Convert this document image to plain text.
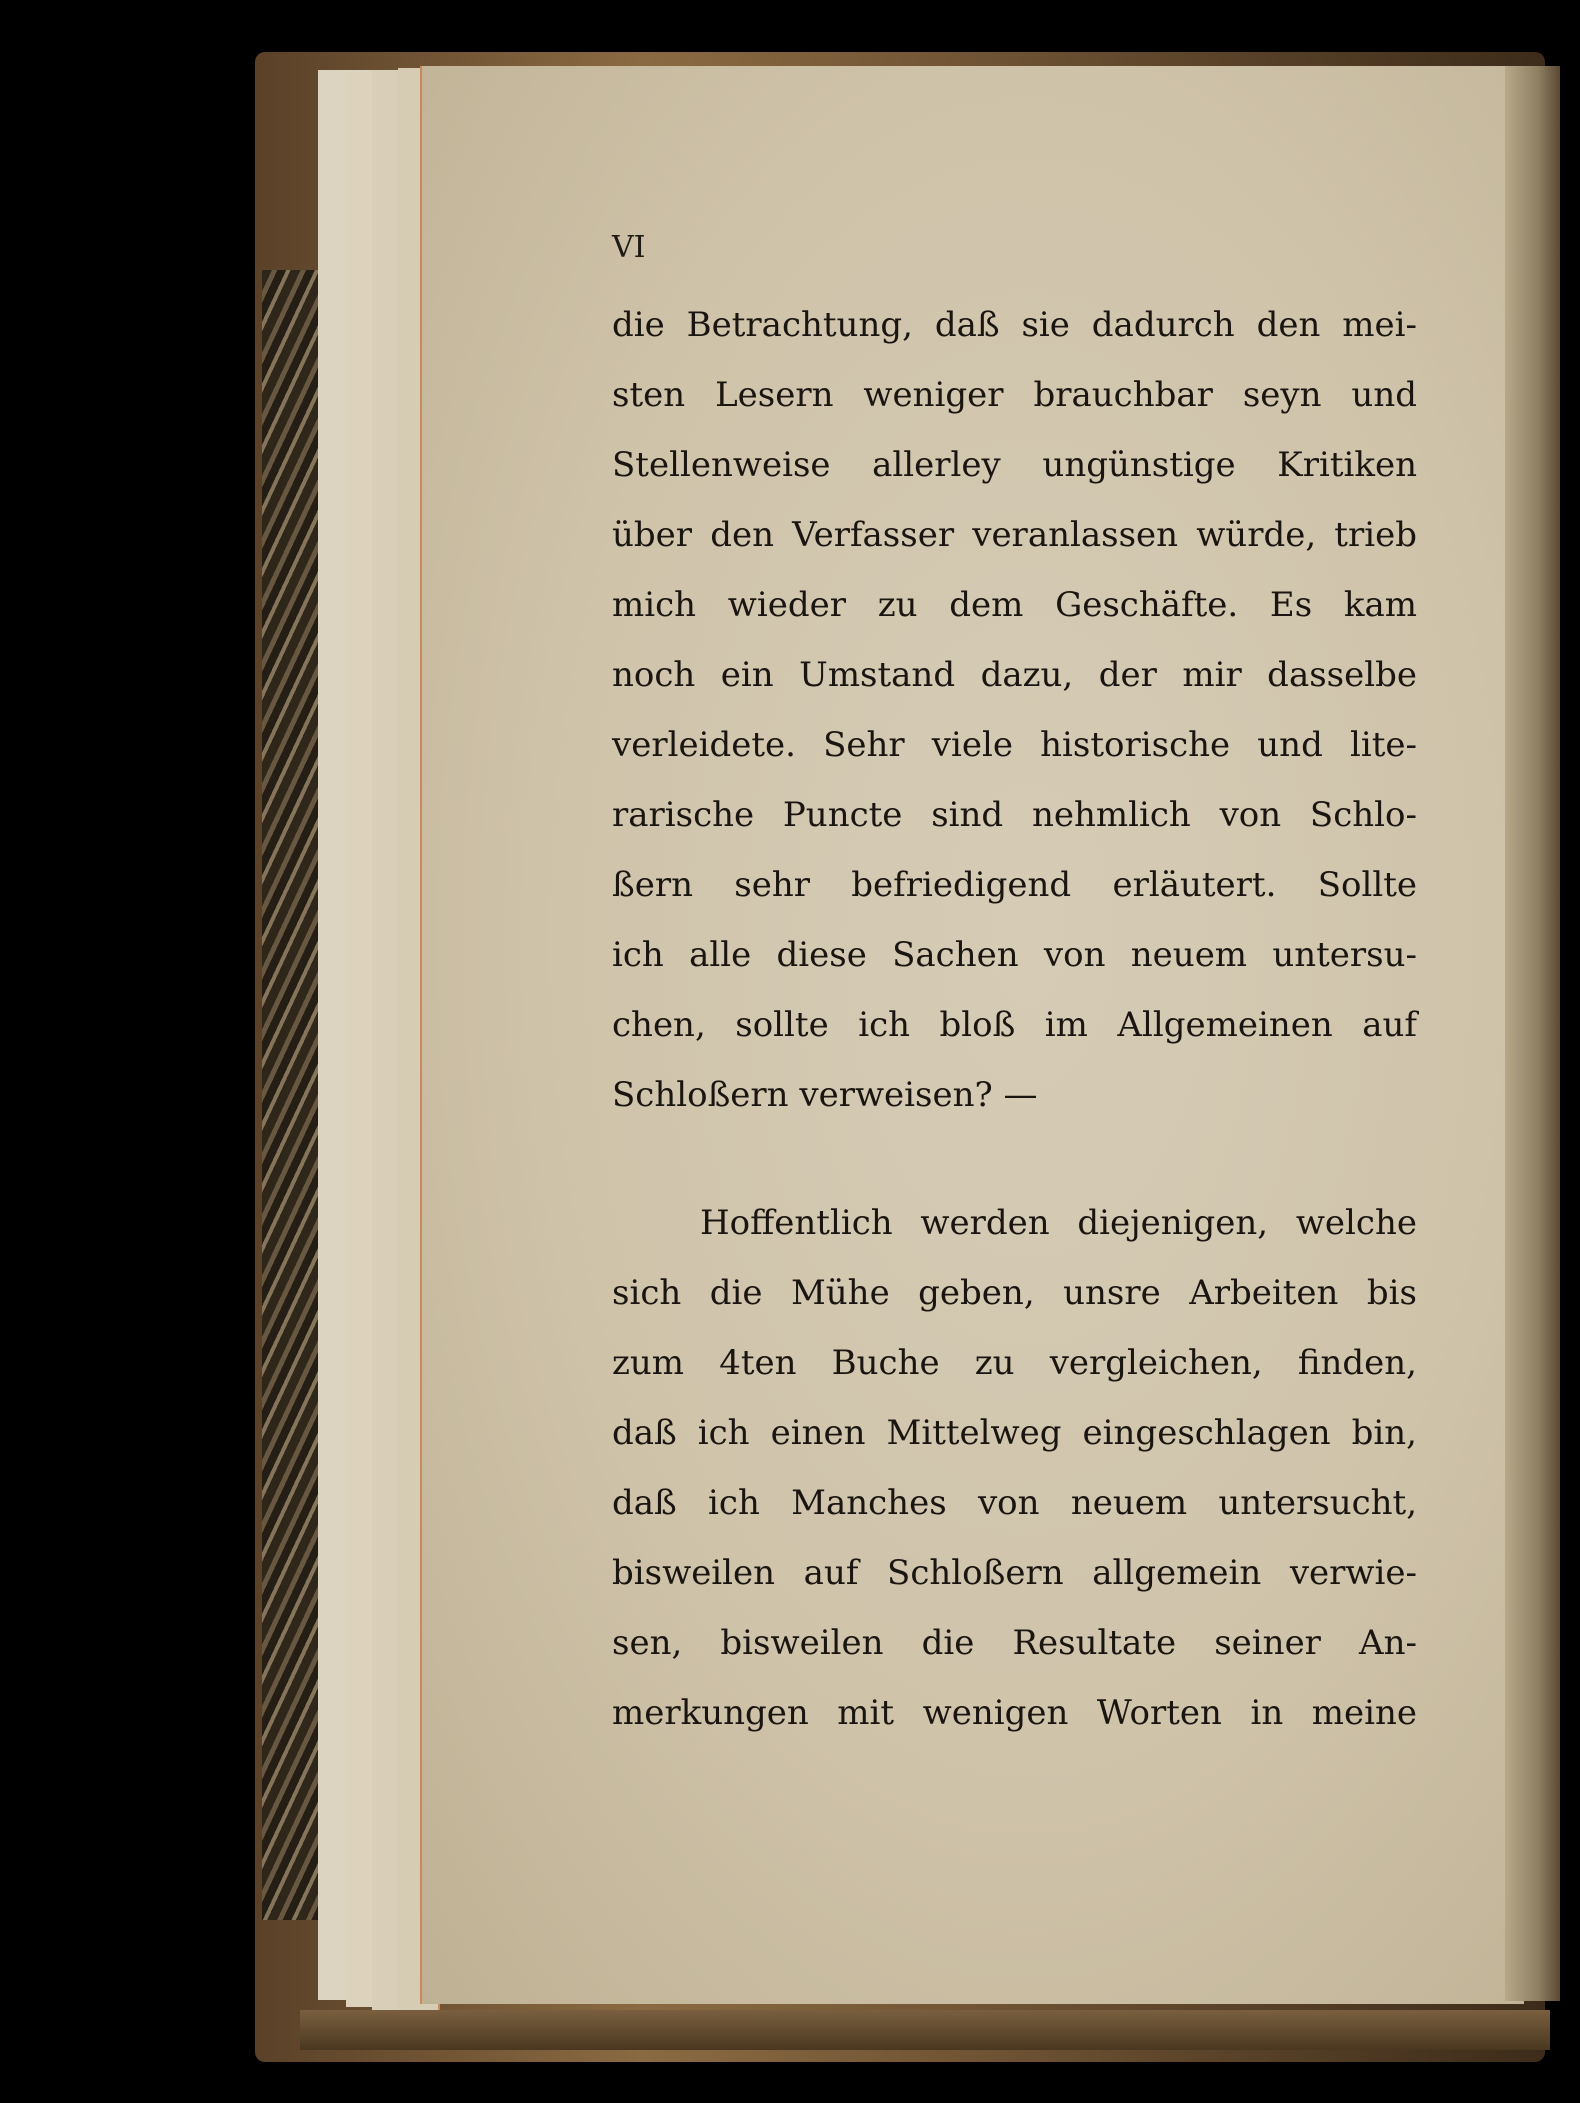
VI
die Betrachtung, daß sie dadurch den mei-
sten Lesern weniger brauchbar seyn und
Stellenweise allerley ungünstige Kritiken
über den Verfasser veranlassen würde, trieb
mich wieder zu dem Geschäfte. Es kam
noch ein Umstand dazu, der mir dasselbe
verleidete. Sehr viele historische und lite-
rarische Puncte sind nehmlich von Schlo-
ßern sehr befriedigend erläutert. Sollte
ich alle diese Sachen von neuem untersu-
chen, sollte ich bloß im Allgemeinen auf
Schloßern verweisen? —
Hoffentlich werden diejenigen, welche
sich die Mühe geben, unsre Arbeiten bis
zum 4ten Buche zu vergleichen, finden,
daß ich einen Mittelweg eingeschlagen bin,
daß ich Manches von neuem untersucht,
bisweilen auf Schloßern allgemein verwie-
sen, bisweilen die Resultate seiner An-
merkungen mit wenigen Worten in meine
